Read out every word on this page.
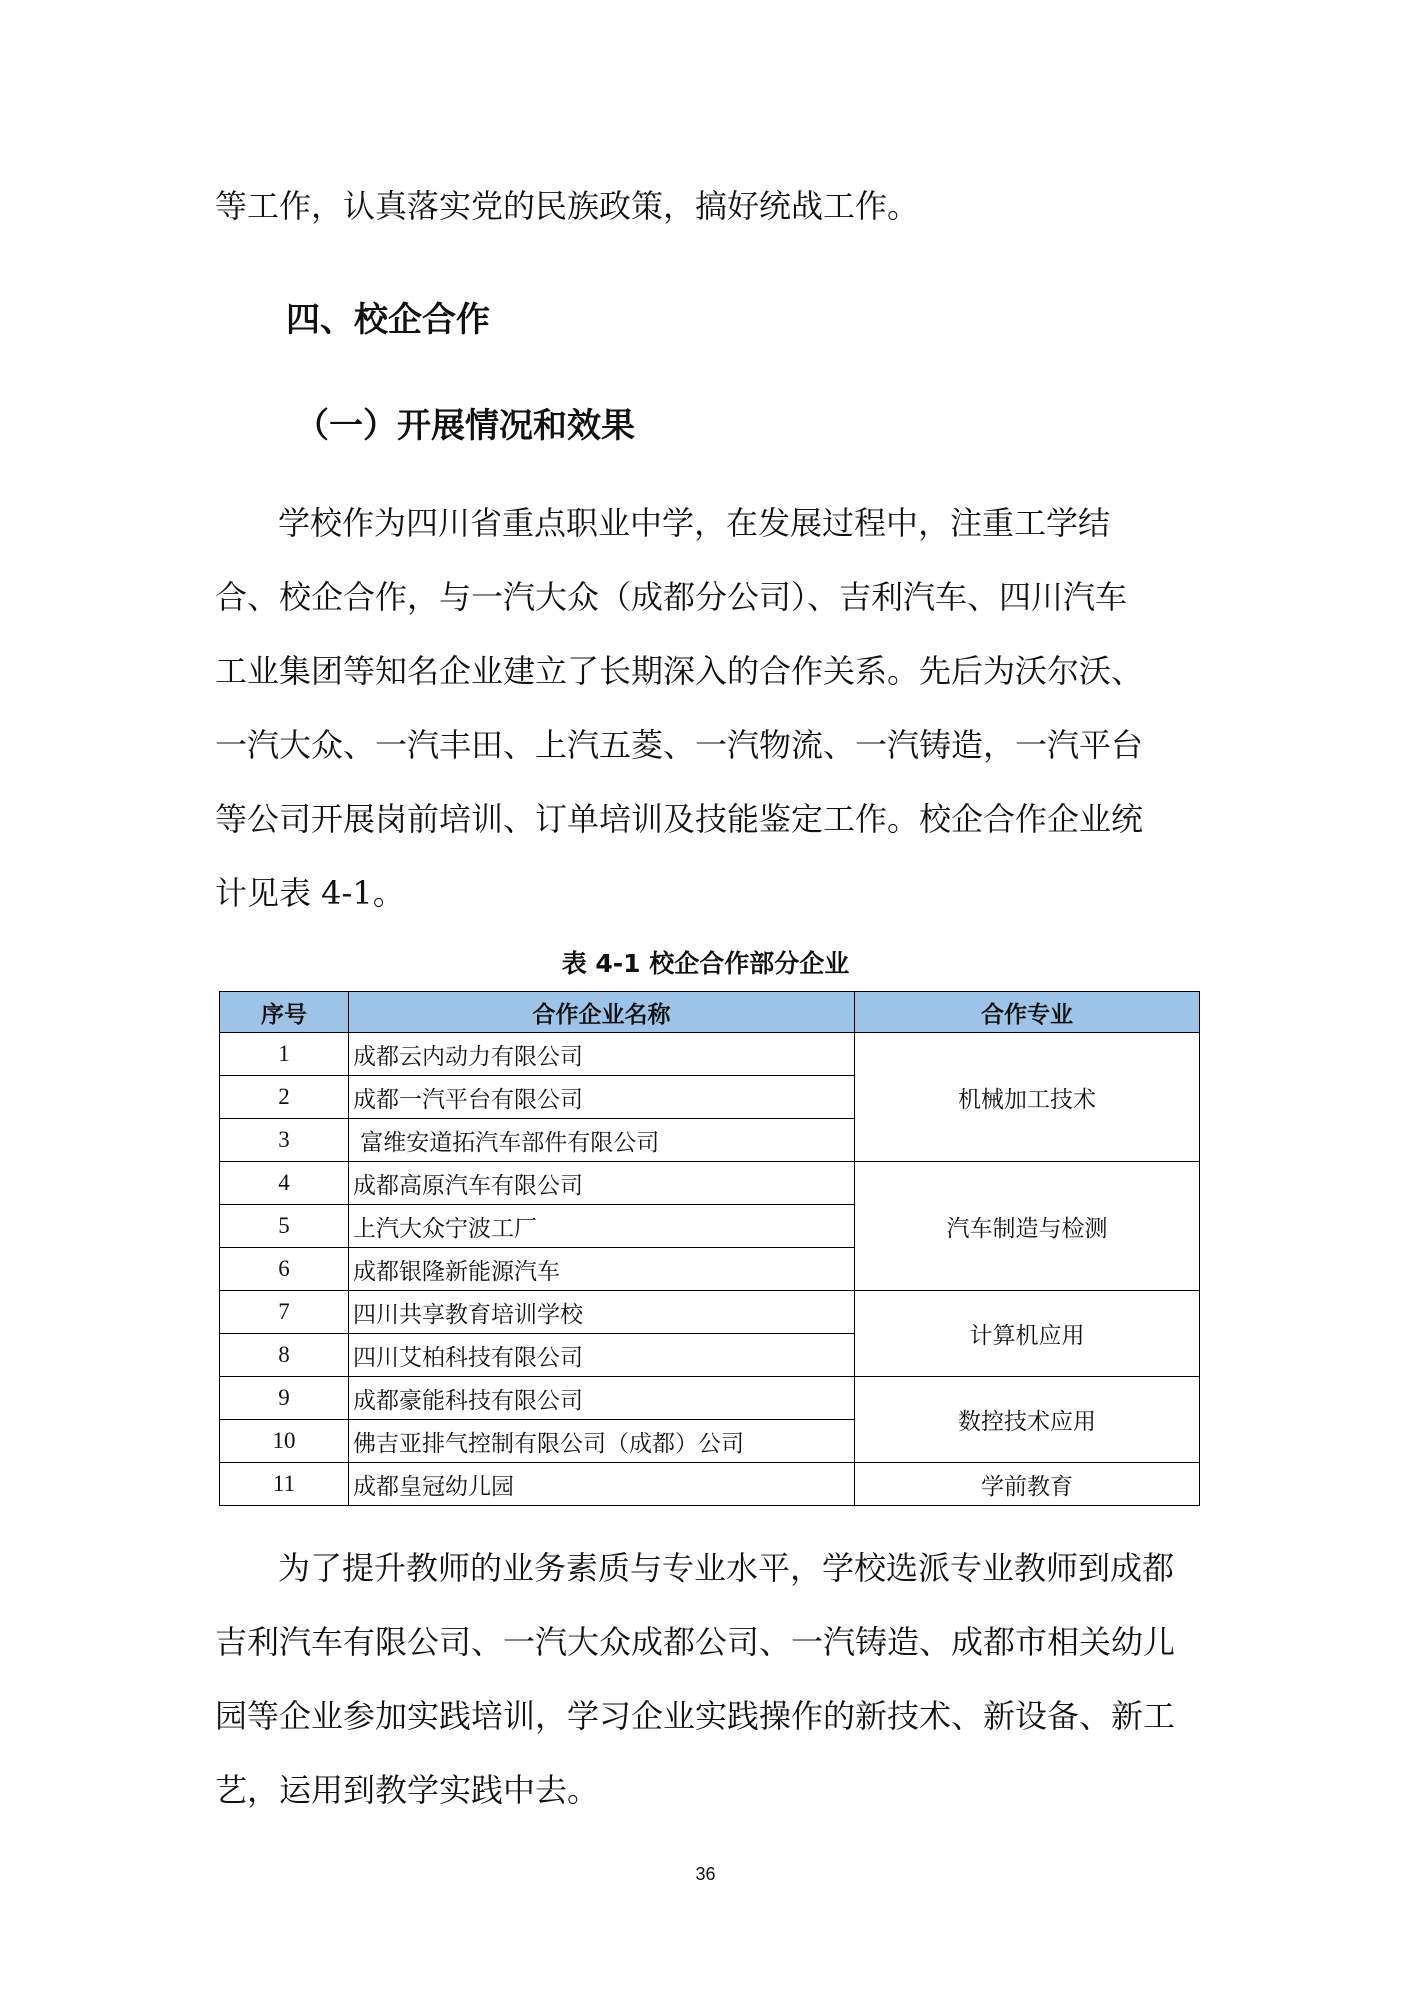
等工作，认真落实党的民族政策，搞好统战工作。
四、校企合作
（一）开展情况和效果
学校作为四川省重点职业中学，在发展过程中，注重工学结
合、校企合作，与一汽大众（成都分公司）、吉利汽车、四川汽车
工业集团等知名企业建立了长期深入的合作关系。先后为沃尔沃、
一汽大众、一汽丰田、上汽五菱、一汽物流、一汽铸造，一汽平台
等公司开展岗前培训、订单培训及技能鉴定工作。校企合作企业统
计见表 4-1。
表 4-1 校企合作部分企业
序号	合作企业名称	合作专业
1	成都云内动力有限公司	机械加工技术
2	成都一汽平台有限公司	
3	富维安道拓汽车部件有限公司	
4	成都高原汽车有限公司	汽车制造与检测
5	上汽大众宁波工厂	
6	成都银隆新能源汽车	
7	四川共享教育培训学校	计算机应用
8	四川艾柏科技有限公司	
9	成都豪能科技有限公司	数控技术应用
10	佛吉亚排气控制有限公司（成都）公司	
11	成都皇冠幼儿园	学前教育
为了提升教师的业务素质与专业水平，学校选派专业教师到成都
吉利汽车有限公司、一汽大众成都公司、一汽铸造、成都市相关幼儿
园等企业参加实践培训，学习企业实践操作的新技术、新设备、新工
艺，运用到教学实践中去。
36
